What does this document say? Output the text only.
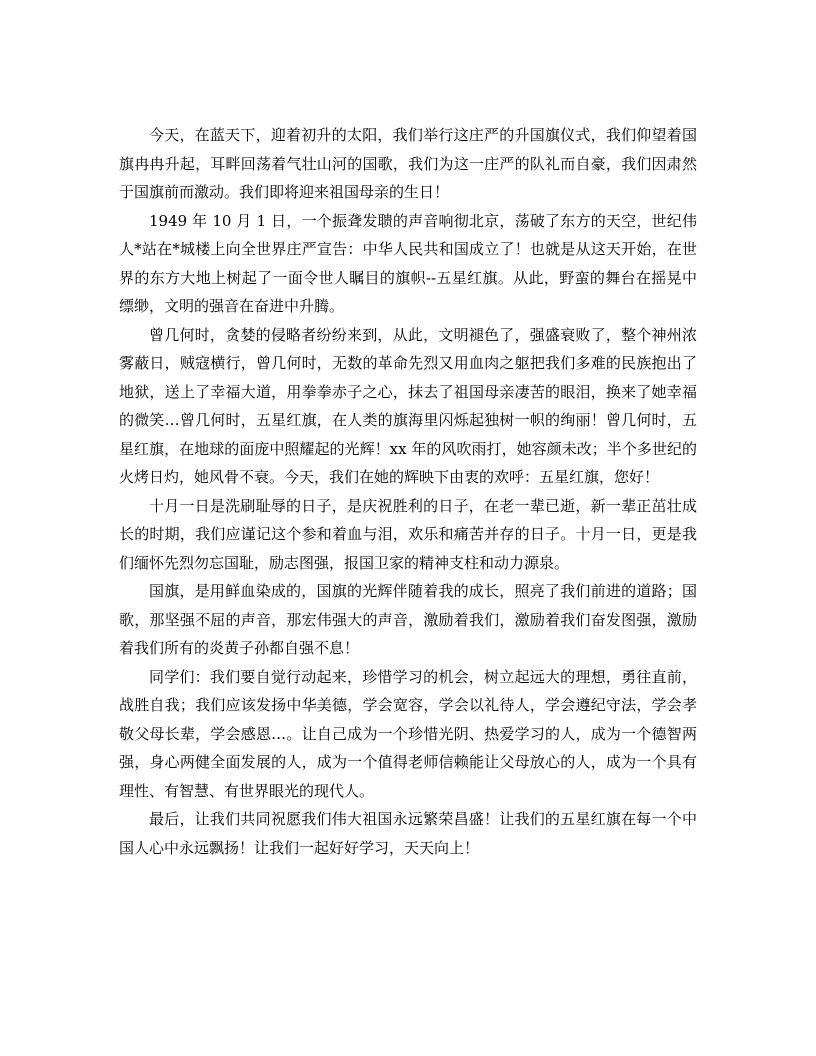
今天，在蓝天下，迎着初升的太阳，我们举行这庄严的升国旗仪式，我们仰望着国旗冉冉升起，耳畔回荡着气壮山河的国歌，我们为这一庄严的队礼而自豪，我们因肃然于国旗前而激动。我们即将迎来祖国母亲的生日！

1949 年 10 月 1 日，一个振聋发聩的声音响彻北京，荡破了东方的天空，世纪伟人*站在*城楼上向全世界庄严宣告：中华人民共和国成立了！也就是从这天开始，在世界的东方大地上树起了一面令世人瞩目的旗帜--五星红旗。从此，野蛮的舞台在摇晃中缥缈，文明的强音在奋进中升腾。

曾几何时，贪婪的侵略者纷纷来到，从此，文明褪色了，强盛衰败了，整个神州浓雾蔽日，贼寇横行，曾几何时，无数的革命先烈又用血肉之躯把我们多难的民族抱出了地狱，送上了幸福大道，用拳拳赤子之心，抹去了祖国母亲凄苦的眼泪，换来了她幸福的微笑…曾几何时，五星红旗，在人类的旗海里闪烁起独树一帜的绚丽！曾几何时，五星红旗，在地球的面庞中照耀起的光辉！xx 年的风吹雨打，她容颜未改；半个多世纪的火烤日灼，她风骨不衰。今天，我们在她的辉映下由衷的欢呼：五星红旗，您好！

十月一日是洗刷耻辱的日子，是庆祝胜利的日子，在老一辈已逝，新一辈正茁壮成长的时期，我们应谨记这个参和着血与泪，欢乐和痛苦并存的日子。十月一日，更是我们缅怀先烈勿忘国耻，励志图强，报国卫家的精神支柱和动力源泉。

国旗，是用鲜血染成的，国旗的光辉伴随着我的成长，照亮了我们前进的道路；国歌，那坚强不屈的声音，那宏伟强大的声音，激励着我们，激励着我们奋发图强，激励着我们所有的炎黄子孙都自强不息！

同学们：我们要自觉行动起来，珍惜学习的机会，树立起远大的理想，勇往直前，战胜自我；我们应该发扬中华美德，学会宽容，学会以礼待人，学会遵纪守法，学会孝敬父母长辈，学会感恩…。让自己成为一个珍惜光阴、热爱学习的人，成为一个德智两强，身心两健全面发展的人，成为一个值得老师信赖能让父母放心的人，成为一个具有理性、有智慧、有世界眼光的现代人。

最后，让我们共同祝愿我们伟大祖国永远繁荣昌盛！让我们的五星红旗在每一个中国人心中永远飘扬！让我们一起好好学习，天天向上！
